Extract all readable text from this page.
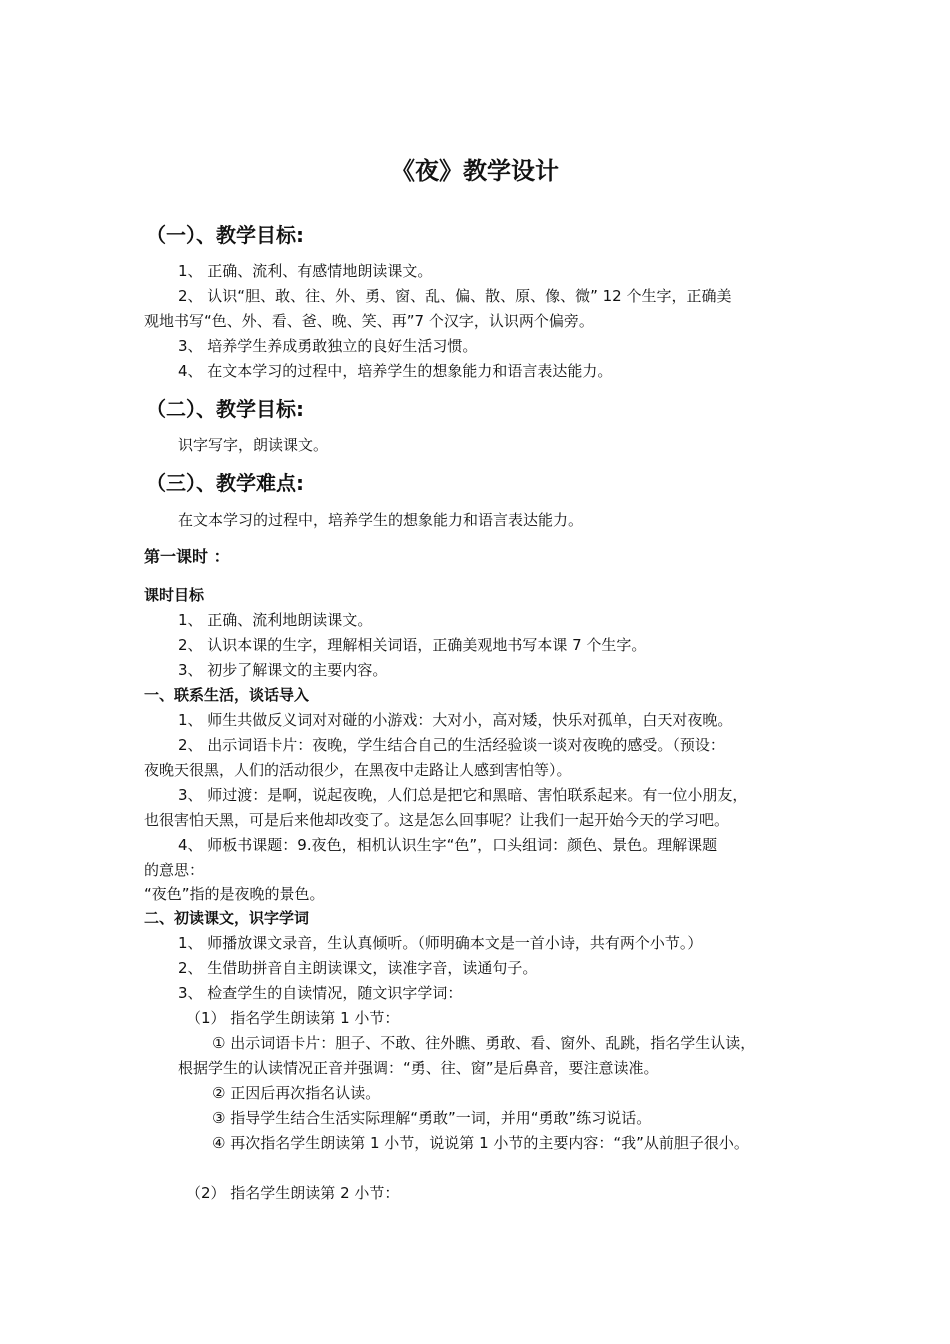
《夜》教学设计
（一）、教学目标:
1、 正确、流利、有感情地朗读课文。
2、 认识“胆、敢、往、外、勇、窗、乱、偏、散、原、像、微” 12 个生字，正确美
观地书写“色、外、看、爸、晚、笑、再”7 个汉字，认识两个偏旁。
3、 培养学生养成勇敢独立的良好生活习惯。
4、 在文本学习的过程中，培养学生的想象能力和语言表达能力。
（二）、教学目标:
识字写字，朗读课文。
（三）、教学难点:
在文本学习的过程中，培养学生的想象能力和语言表达能力。
第一课时 ：
课时目标
1、 正确、流利地朗读课文。
2、 认识本课的生字，理解相关词语，正确美观地书写本课 7 个生字。
3、 初步了解课文的主要内容。
一、联系生活，谈话导入
1、 师生共做反义词对对碰的小游戏：大对小，高对矮，快乐对孤单，白天对夜晚。
2、 出示词语卡片：夜晚，学生结合自己的生活经验谈一谈对夜晚的感受。（预设：
夜晚天很黑，人们的活动很少，在黑夜中走路让人感到害怕等）。
3、 师过渡：是啊，说起夜晚，人们总是把它和黑暗、害怕联系起来。有一位小朋友，
也很害怕天黑，可是后来他却改变了。这是怎么回事呢？让我们一起开始今天的学习吧。
4、 师板书课题：9.夜色，相机认识生字“色”，口头组词：颜色、景色。理解课题
的意思：
“夜色”指的是夜晚的景色。
二、初读课文，识字学词
1、 师播放课文录音，生认真倾听。（师明确本文是一首小诗，共有两个小节。）
2、 生借助拼音自主朗读课文，读准字音，读通句子。
3、 检查学生的自读情况，随文识字学词：
（1） 指名学生朗读第 1 小节：
① 出示词语卡片：胆子、不敢、往外瞧、勇敢、看、窗外、乱跳，指名学生认读，
根据学生的认读情况正音并强调：“勇、往、窗”是后鼻音，要注意读准。
② 正因后再次指名认读。
③ 指导学生结合生活实际理解“勇敢”一词，并用“勇敢”练习说话。
④ 再次指名学生朗读第 1 小节，说说第 1 小节的主要内容：“我”从前胆子很小。
（2） 指名学生朗读第 2 小节：
